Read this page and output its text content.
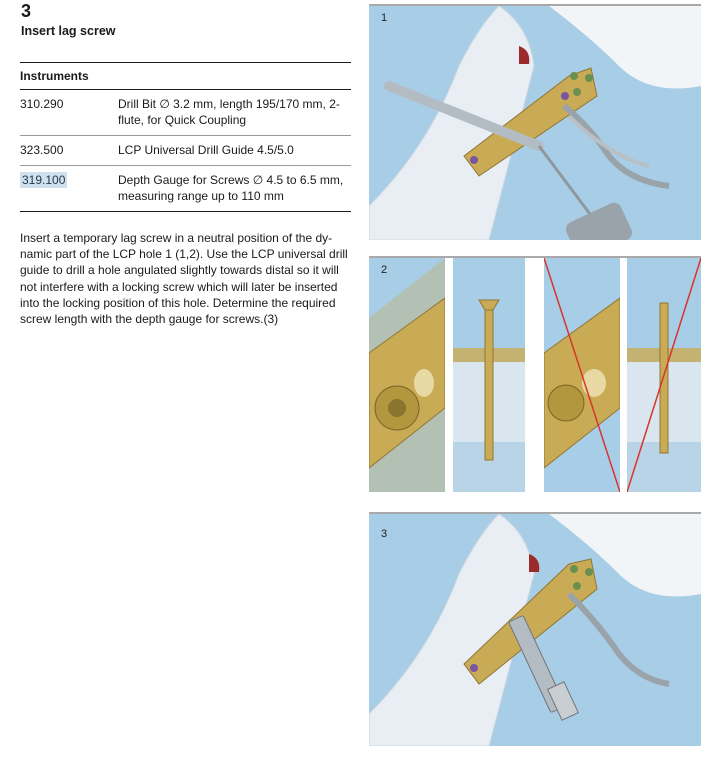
3
Insert lag screw
Instruments
310.290	Drill Bit ∅ 3.2 mm, length 195/170 mm, 2-flute, for Quick Coupling
323.500	LCP Universal Drill Guide 4.5/5.0
319.100	Depth Gauge for Screws ∅ 4.5 to 6.5 mm, measuring range up to 110 mm
Insert a temporary lag screw in a neutral position of the dy-namic part of the LCP hole 1 (1,2). Use the LCP universal drill guide to drill a hole angulated slightly towards distal so it will not interfere with a locking screw which will later be inserted into the locking position of this hole. Determine the required screw length with the depth gauge for screws.(3)
1
2
3
